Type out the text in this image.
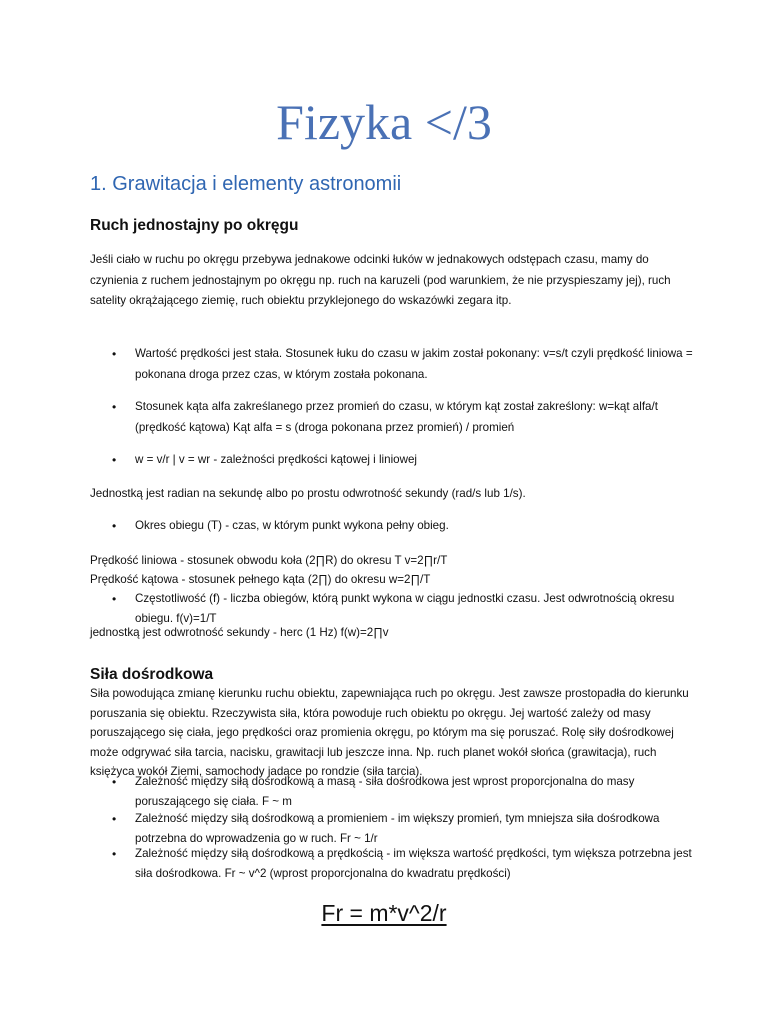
Fizyka </3
1. Grawitacja i elementy astronomii
Ruch jednostajny po okręgu
Jeśli ciało w ruchu po okręgu przebywa jednakowe odcinki łuków w jednakowych odstępach czasu, mamy do czynienia z ruchem jednostajnym po okręgu np. ruch na karuzeli (pod warunkiem, że nie przyspieszamy jej), ruch satelity okrążającego ziemię, ruch obiektu przyklejonego do wskazówki zegara itp.
•	Wartość prędkości jest stała. Stosunek łuku do czasu w jakim został pokonany: v=s/t czyli prędkość liniowa = pokonana droga przez czas, w którym została pokonana.
•	Stosunek kąta alfa zakreślanego przez promień do czasu, w którym kąt został zakreślony: w=kąt alfa/t (prędkość kątowa) Kąt alfa = s (droga pokonana przez promień) / promień
•	w = v/r | v = wr - zależności prędkości kątowej i liniowej
Jednostką jest radian na sekundę albo po prostu odwrotność sekundy (rad/s lub 1/s).
•	Okres obiegu (T) - czas, w którym punkt wykona pełny obieg.
Prędkość liniowa - stosunek obwodu koła (2∏R) do okresu T v=2∏r/T
Prędkość kątowa - stosunek pełnego kąta (2∏) do okresu w=2∏/T
•	Częstotliwość (f) - liczba obiegów, którą punkt wykona w ciągu jednostki czasu. Jest odwrotnością okresu obiegu. f(v)=1/T
jednostką jest odwrotność sekundy - herc (1 Hz) f(w)=2∏v
Siła dośrodkowa
Siła powodująca zmianę kierunku ruchu obiektu, zapewniająca ruch po okręgu. Jest zawsze prostopadła do kierunku poruszania się obiektu. Rzeczywista siła, która powoduje ruch obiektu po okręgu. Jej wartość zależy od masy poruszającego się ciała, jego prędkości oraz promienia okręgu, po którym ma się poruszać. Rolę siły dośrodkowej może odgrywać siła tarcia, nacisku, grawitacji lub jeszcze inna. Np. ruch planet wokół słońca (grawitacja), ruch księżyca wokół Ziemi, samochody jadące po rondzie (siła tarcia).
•	Zależność między siłą dośrodkową a masą - siła dośrodkowa jest wprost proporcjonalna do masy poruszającego się ciała. F ~ m
•	Zależność między siłą dośrodkową a promieniem - im większy promień, tym mniejsza siła dośrodkowa potrzebna do wprowadzenia go w ruch. Fr ~ 1/r
•	Zależność między siłą dośrodkową a prędkością - im większa wartość prędkości, tym większa potrzebna jest siła dośrodkowa. Fr ~ v^2 (wprost proporcjonalna do kwadratu prędkości)
Fr = m*v^2/r
